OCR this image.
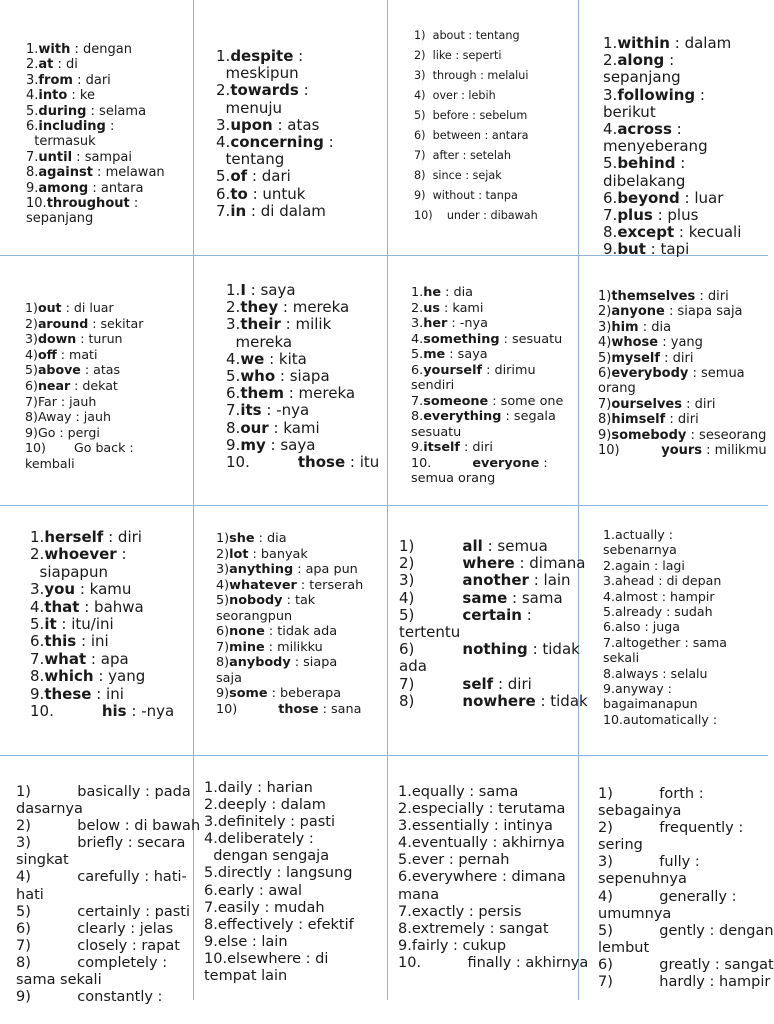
1.with : dengan
2.at : di
3.from : dari
4.into : ke
5.during : selama
6.including :
termasuk
7.until : sampai
8.against : melawan
9.among : antara
10.throughout :
sepanjang
1.despite :
meskipun
2.towards :
menuju
3.upon : atas
4.concerning :
tentang
5.of : dari
6.to : untuk
7.in : di dalam
1)  about : tentang
2)  like : seperti
3)  through : melalui
4)  over : lebih
5)  before : sebelum
6)  between : antara
7)  after : setelah
8)  since : sejak
9)  without : tanpa
10)    under : dibawah
1.within : dalam
2.along :
sepanjang
3.following :
berikut
4.across :
menyeberang
5.behind :
dibelakang
6.beyond : luar
7.plus : plus
8.except : kecuali
9.but : tapi
1)out : di luar
2)around : sekitar
3)down : turun
4)off : mati
5)above : atas
6)near : dekat
7)Far : jauh
8)Away : jauh
9)Go : pergi
10)       Go back :
kembali
1.I : saya
2.they : mereka
3.their : milik
mereka
4.we : kita
5.who : siapa
6.them : mereka
7.its : -nya
8.our : kami
9.my : saya
10.	those : itu
1.he : dia
2.us : kami
3.her : -nya
4.something : sesuatu
5.me : saya
6.yourself : dirimu
sendiri
7.someone : some one
8.everything : segala
sesuatu
9.itself : diri
10.	everyone :
semua orang
1)themselves : diri
2)anyone : siapa saja
3)him : dia
4)whose : yang
5)myself : diri
6)everybody : semua
orang
7)ourselves : diri
8)himself : diri
9)somebody : seseorang
10)	yours : milikmu
1.herself : diri
2.whoever :
siapapun
3.you : kamu
4.that : bahwa
5.it : itu/ini
6.this : ini
7.what : apa
8.which : yang
9.these : ini
10.	his : -nya
1)she : dia
2)lot : banyak
3)anything : apa pun
4)whatever : terserah
5)nobody : tak
seorangpun
6)none : tidak ada
7)mine : milikku
8)anybody : siapa
saja
9)some : beberapa
10)	those : sana
1)	all : semua
2)	where : dimana
3)	another : lain
4)	same : sama
5)	certain :
tertentu
6)	nothing : tidak
ada
7)	self : diri
8)	nowhere : tidak
1.actually :
sebenarnya
2.again : lagi
3.ahead : di depan
4.almost : hampir
5.already : sudah
6.also : juga
7.altogether : sama
sekali
8.always : selalu
9.anyway :
bagaimanapun
10.automatically :
1)	basically : pada
dasarnya
2)	below : di bawah
3)	briefly : secara
singkat
4)	carefully : hati-
hati
5)	certainly : pasti
6)	clearly : jelas
7)	closely : rapat
8)	completely :
sama sekali
9)	constantly :
1.daily : harian
2.deeply : dalam
3.definitely : pasti
4.deliberately :
dengan sengaja
5.directly : langsung
6.early : awal
7.easily : mudah
8.effectively : efektif
9.else : lain
10.elsewhere : di
tempat lain
1.equally : sama
2.especially : terutama
3.essentially : intinya
4.eventually : akhirnya
5.ever : pernah
6.everywhere : dimana
mana
7.exactly : persis
8.extremely : sangat
9.fairly : cukup
10.	finally : akhirnya
1)	forth :
sebagainya
2)	frequently :
sering
3)	fully :
sepenuhnya
4)	generally :
umumnya
5)	gently : dengan
lembut
6)	greatly : sangat
7)	hardly : hampir
